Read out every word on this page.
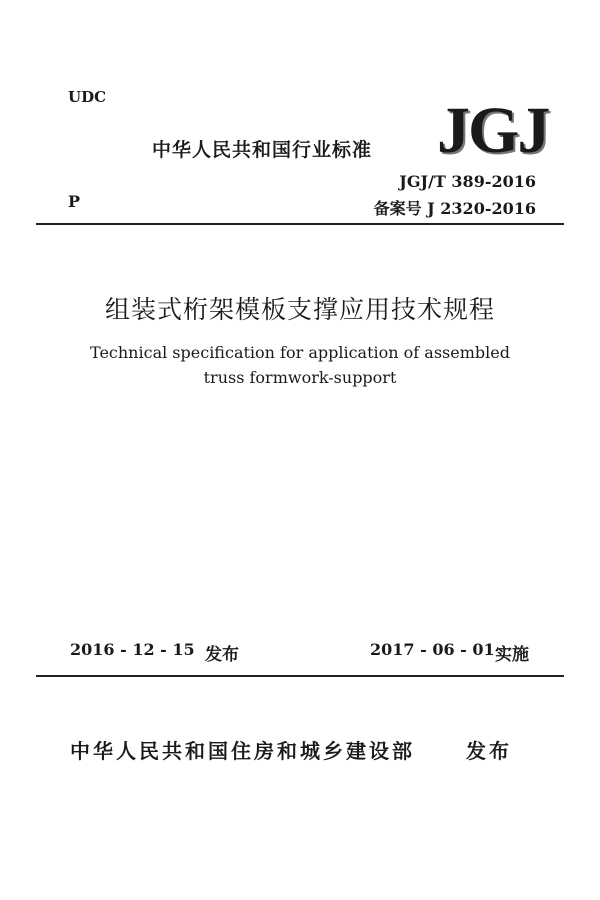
UDC
中华人民共和国行业标准 JGJ
JGJ/T 389-2016
P	备案号 J 2320-2016
组装式桁架模板支撑应用技术规程
Technical specification for application of assembled
truss formwork-support
2016 - 12 - 15 发布	2017 - 06 - 01 实施
中华人民共和国住房和城乡建设部	发布
